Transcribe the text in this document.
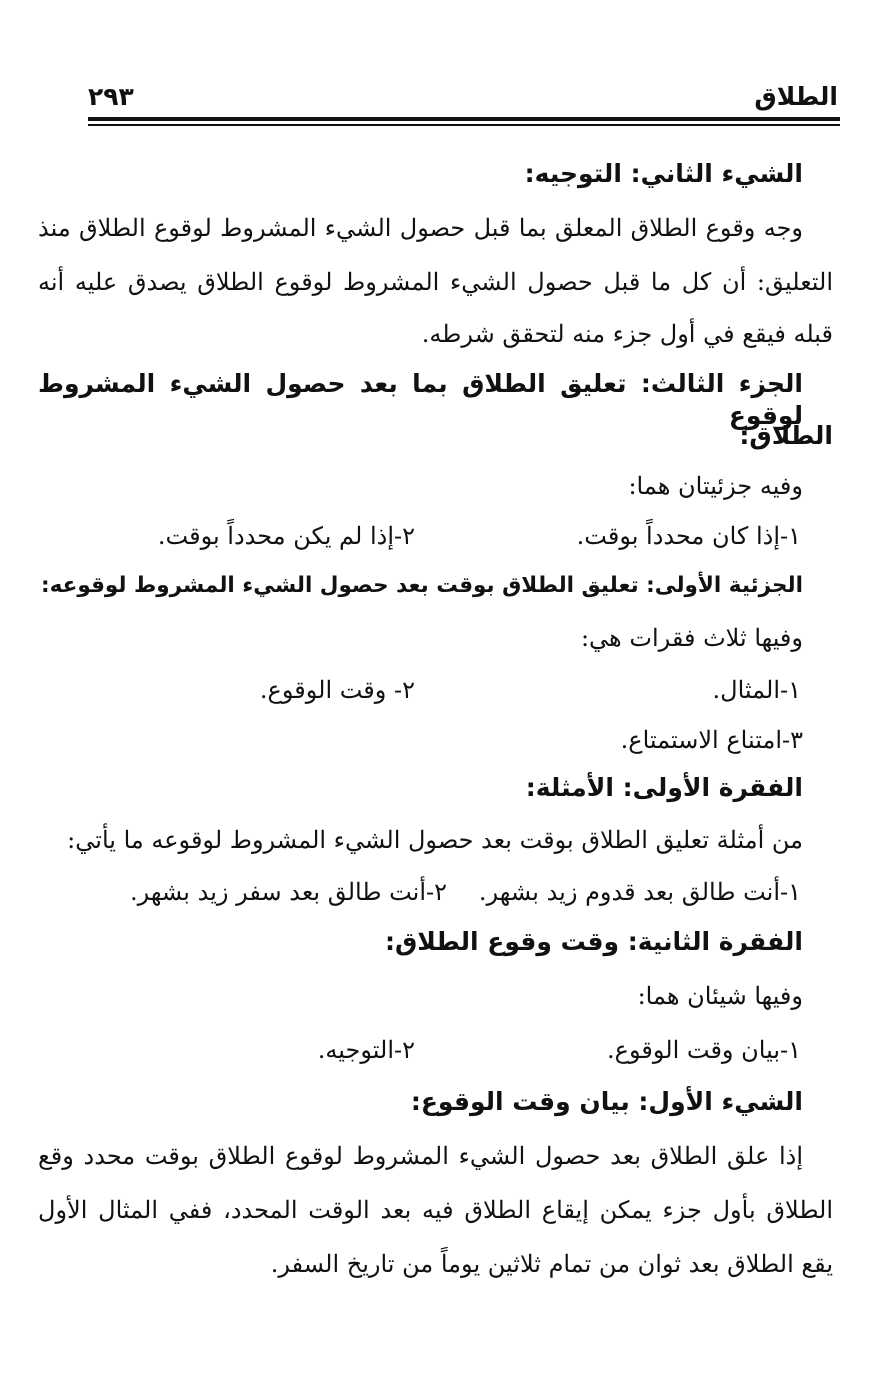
الطلاق
٢٩٣
الشيء الثاني: التوجيه:
وجه وقوع الطلاق المعلق بما قبل حصول الشيء المشروط لوقوع الطلاق منذ
التعليق: أن كل ما قبل حصول الشيء المشروط لوقوع الطلاق يصدق عليه أنه
قبله فيقع في أول جزء منه لتحقق شرطه.
الجزء الثالث: تعليق الطلاق بما بعد حصول الشيء المشروط لوقوع
الطلاق:
وفيه جزئيتان هما:
١-إذا كان محدداً بوقت.
٢-إذا لم يكن محدداً بوقت.
الجزئية الأولى: تعليق الطلاق بوقت بعد حصول الشيء المشروط لوقوعه:
وفيها ثلاث فقرات هي:
١-المثال.
٢- وقت الوقوع.
٣-امتناع الاستمتاع.
الفقرة الأولى: الأمثلة:
من أمثلة تعليق الطلاق بوقت بعد حصول الشيء المشروط لوقوعه ما يأتي:
١-أنت طالق بعد قدوم زيد بشهر.
٢-أنت طالق بعد سفر زيد بشهر.
الفقرة الثانية: وقت وقوع الطلاق:
وفيها شيئان هما:
١-بيان وقت الوقوع.
٢-التوجيه.
الشيء الأول: بيان وقت الوقوع:
إذا علق الطلاق بعد حصول الشيء المشروط لوقوع الطلاق بوقت محدد وقع
الطلاق بأول جزء يمكن إيقاع الطلاق فيه بعد الوقت المحدد، ففي المثال الأول
يقع الطلاق بعد ثوان من تمام ثلاثين يوماً من تاريخ السفر.
